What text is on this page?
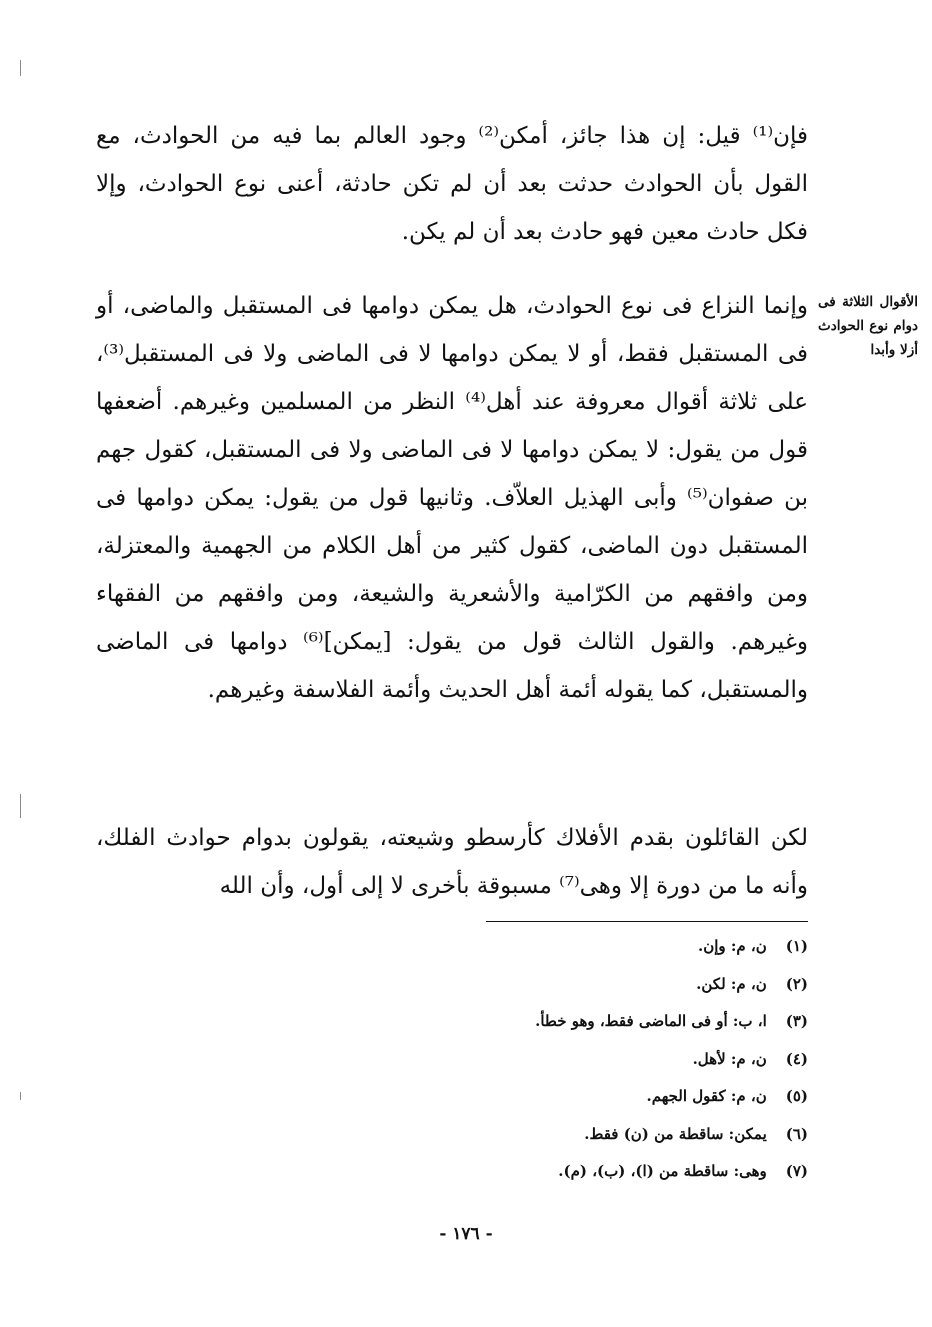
فإن⁽¹⁾ قيل: إن هذا جائز، أمكن⁽²⁾ وجود العالم بما فيه من الحوادث، مع القول بأن الحوادث حدثت بعد أن لم تكن حادثة، أعنى نوع الحوادث، وإلا فكل حادث معين فهو حادث بعد أن لم يكن.

وإنما النزاع فى نوع الحوادث، هل يمكن دوامها فى المستقبل والماضى، أو فى المستقبل فقط، أو لا يمكن دوامها لا فى الماضى ولا فى المستقبل⁽³⁾، على ثلاثة أقوال معروفة عند أهل⁽⁴⁾ النظر من المسلمين وغيرهم. أضعفها قول من يقول: لا يمكن دوامها لا فى الماضى ولا فى المستقبل، كقول جهم بن صفوان⁽⁵⁾ وأبى الهذيل العلاّف. وثانيها قول من يقول: يمكن دوامها فى المستقبل دون الماضى، كقول كثير من أهل الكلام من الجهمية والمعتزلة، ومن وافقهم من الكرّامية والأشعرية والشيعة، ومن وافقهم من الفقهاء وغيرهم. والقول الثالث قول من يقول: [يمكن]⁽⁶⁾ دوامها فى الماضى والمستقبل، كما يقوله أئمة أهل الحديث وأئمة الفلاسفة وغيرهم.

لكن القائلون بقدم الأفلاك كأرسطو وشيعته، يقولون بدوام حوادث الفلك، وأنه ما من دورة إلا وهى⁽⁷⁾ مسبوقة بأخرى لا إلى أول، وأن الله

الأقوال الثلاثة فى دوام نوع الحوادث أزلا وأبدا
(١) ن، م: وإن.
(٢) ن، م: لكن.
(٣) ا، ب: أو فى الماضى فقط، وهو خطأ.
(٤) ن، م: لأهل.
(٥) ن، م: كقول الجهم.
(٦) يمكن: ساقطة من (ن) فقط.
(٧) وهى: ساقطة من (ا)، (ب)، (م).
- ١٧٦ -
